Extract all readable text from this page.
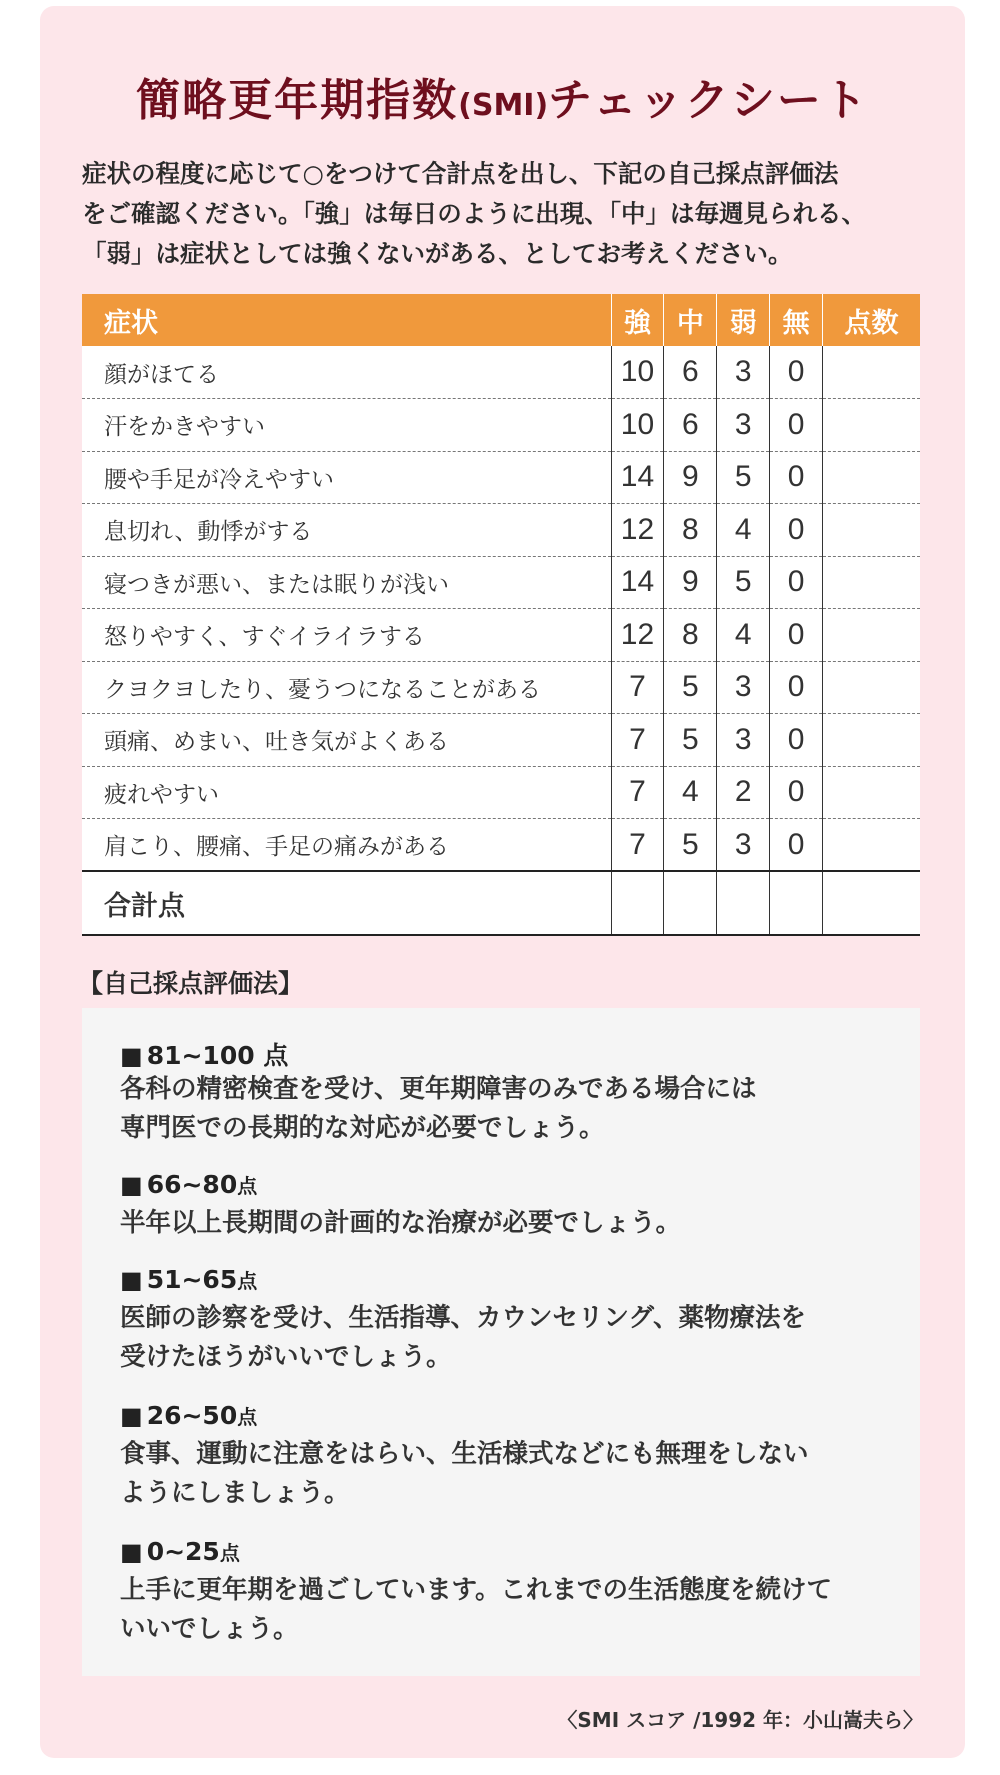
簡略更年期指数(SMI)チェックシート

症状の程度に応じて○をつけて合計点を出し、下記の自己採点評価法

をご確認ください。「強」は毎日のように出現、「中」は毎週見られる、

「弱」は症状としては強くないがある、としてお考えください。

症状	強	中	弱	無	点数
顔がほてる	10	6	3	0	
汗をかきやすい	10	6	3	0	
腰や手足が冷えやすい	14	9	5	0	
息切れ、動悸がする	12	8	4	0	
寝つきが悪い、または眠りが浅い	14	9	5	0	
怒りやすく、すぐイライラする	12	8	4	0	
クヨクヨしたり、憂うつになることがある	7	5	3	0	
頭痛、めまい、吐き気がよくある	7	5	3	0	
疲れやすい	7	4	2	0	
肩こり、腰痛、手足の痛みがある	7	5	3	0	
合計点					
【自己採点評価法】
■ 81~100 点
各科の精密検査を受け、更年期障害のみである場合には
専門医での長期的な対応が必要でしょう。
■ 66~80点
半年以上長期間の計画的な治療が必要でしょう。
■ 51~65点
医師の診察を受け、生活指導、カウンセリング、薬物療法を
受けたほうがいいでしょう。
■ 26~50点
食事、運動に注意をはらい、生活様式などにも無理をしない
ようにしましょう。
■ 0~25点
上手に更年期を過ごしています。これまでの生活態度を続けて
いいでしょう。
〈SMI スコア /1992 年：小山嵩夫ら〉
